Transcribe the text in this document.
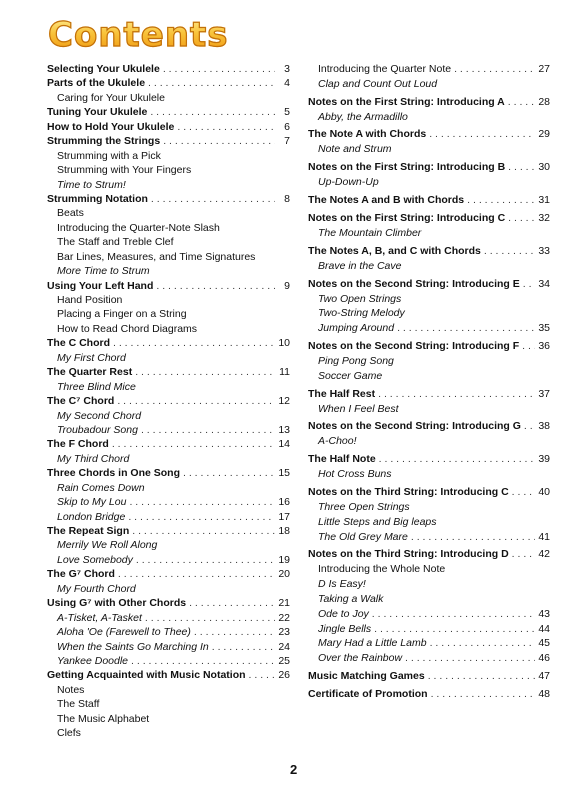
Contents
Selecting Your Ukulele . . .	3
Parts of the Ukulele . . .	4
Caring for Your Ukulele
Tuning Your Ukulele . . .	5
How to Hold Your Ukulele . . .	6
Strumming the Strings . . .	7
Strumming with a Pick
Strumming with Your Fingers
Time to Strum!
Strumming Notation . . .	8
Beats
Introducing the Quarter-Note Slash
The Staff and Treble Clef
Bar Lines, Measures, and Time Signatures
More Time to Strum
Using Your Left Hand . . .	9
Hand Position
Placing a Finger on a String
How to Read Chord Diagrams
The C Chord . . .	10
My First Chord
The Quarter Rest . . .	11
Three Blind Mice
The C⁷ Chord . . .	12
My Second Chord
Troubadour Song . . .	13
The F Chord . . .	14
My Third Chord
Three Chords in One Song . . .	15
Rain Comes Down
Skip to My Lou . . .	16
London Bridge . . .	17
The Repeat Sign . . .	18
Merrily We Roll Along
Love Somebody . . .	19
The G⁷ Chord . . .	20
My Fourth Chord
Using G⁷ with Other Chords . . .	21
A-Tisket, A-Tasket . . .	22
Aloha 'Oe (Farewell to Thee) . . .	23
When the Saints Go Marching In . . .	24
Yankee Doodle . . .	25
Getting Acquainted with Music Notation . . .	26
Notes
The Staff
The Music Alphabet
Clefs
Introducing the Quarter Note . . .	27
Clap and Count Out Loud
Notes on the First String: Introducing A . . .	28
Abby, the Armadillo
The Note A with Chords . . .	29
Note and Strum
Notes on the First String: Introducing B . . .	30
Up-Down-Up
The Notes A and B with Chords . . .	31
Notes on the First String: Introducing C . . .	32
The Mountain Climber
The Notes A, B, and C with Chords . . .	33
Brave in the Cave
Notes on the Second String: Introducing E . . . 34
Two Open Strings
Two-String Melody
Jumping Around . . .	35
Notes on the Second String: Introducing F . . . 36
Ping Pong Song
Soccer Game
The Half Rest . . .	37
When I Feel Best
Notes on the Second String: Introducing G . . . 38
A-Choo!
The Half Note . . .	39
Hot Cross Buns
Notes on the Third String: Introducing C . . .	40
Three Open Strings
Little Steps and Big leaps
The Old Grey Mare . . .	41
Notes on the Third String: Introducing D . . .	42
Introducing the Whole Note
D Is Easy!
Taking a Walk
Ode to Joy . . .	43
Jingle Bells . . .	44
Mary Had a Little Lamb . . .	45
Over the Rainbow . . .	46
Music Matching Games . . .	47
Certificate of Promotion . . .	48
2
